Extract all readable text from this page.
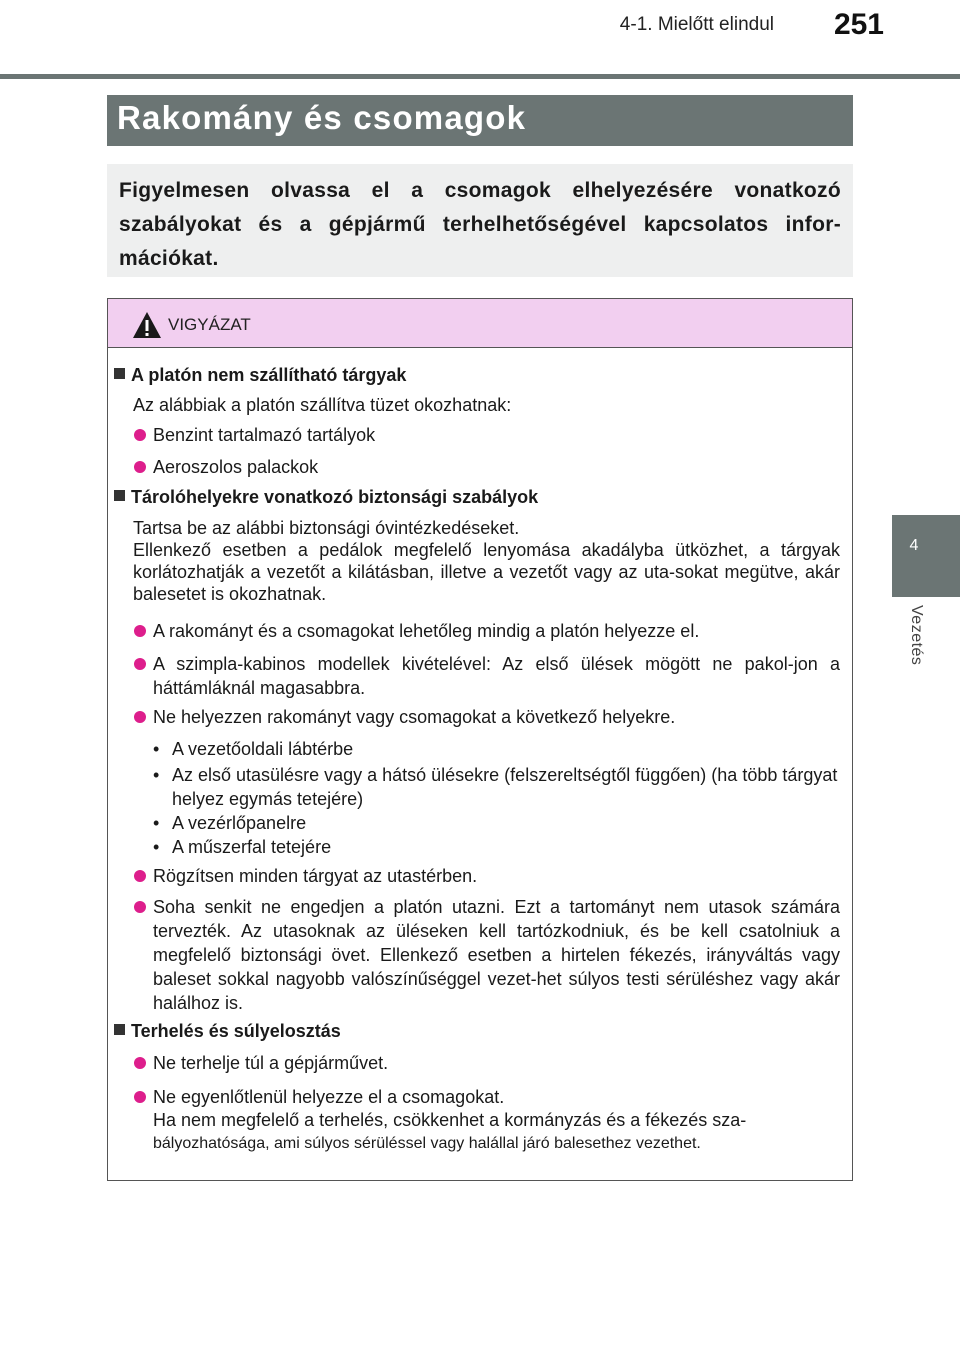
4-1. Mielőtt elindul 251
4
Vezetés
Rakomány és csomagok
Figyelmesen olvassa el a csomagok elhelyezésére vonatkozó szabályokat és a gépjármű terhelhetőségével kapcsolatos infor-mációkat.
VIGYÁZAT
A platón nem szállítható tárgyak
Az alábbiak a platón szállítva tüzet okozhatnak:
Benzint tartalmazó tartályok
Aeroszolos palackok
Tárolóhelyekre vonatkozó biztonsági szabályok
Tartsa be az alábbi biztonsági óvintézkedéseket.
Ellenkező esetben a pedálok megfelelő lenyomása akadályba ütközhet, a tárgyak korlátozhatják a vezetőt a kilátásban, illetve a vezetőt vagy az uta-sokat megütve, akár balesetet is okozhatnak.
A rakományt és a csomagokat lehetőleg mindig a platón helyezze el.
A szimpla-kabinos modellek kivételével: Az első ülések mögött ne pakol-jon a háttámláknál magasabbra.
Ne helyezzen rakományt vagy csomagokat a következő helyekre.
• A vezetőoldali lábtérbe
• Az első utasülésre vagy a hátsó ülésekre (felszereltségtől függően) (ha több tárgyat helyez egymás tetejére)
• A vezérlőpanelre
• A műszerfal tetejére
Rögzítsen minden tárgyat az utastérben.
Soha senkit ne engedjen a platón utazni. Ezt a tartományt nem utasok számára tervezték. Az utasoknak az üléseken kell tartózkodniuk, és be kell csatolniuk a megfelelő biztonsági övet. Ellenkező esetben a hirtelen fékezés, irányváltás vagy baleset sokkal nagyobb valószínűséggel vezet-het súlyos testi sérüléshez vagy akár halálhoz is.
Terhelés és súlyelosztás
Ne terhelje túl a gépjárművet.
Ne egyenlőtlenül helyezze el a csomagokat.
Ha nem megfelelő a terhelés, csökkenhet a kormányzás és a fékezés sza-
bályozhatósága, ami súlyos sérüléssel vagy halállal járó balesethez vezethet.
